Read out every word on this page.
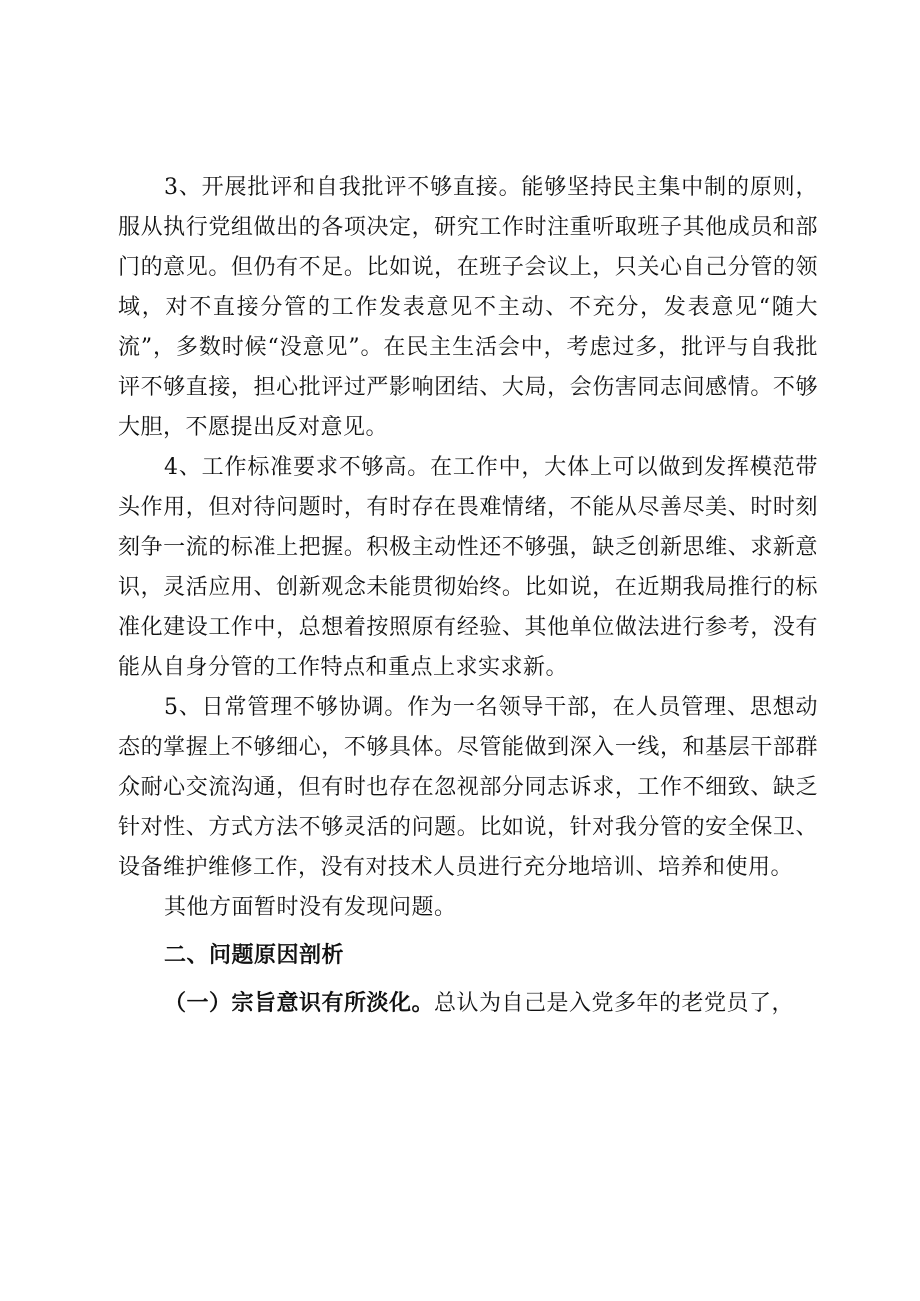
3、开展批评和自我批评不够直接。能够坚持民主集中制的原则，服从执行党组做出的各项决定，研究工作时注重听取班子其他成员和部门的意见。但仍有不足。比如说，在班子会议上，只关心自己分管的领域，对不直接分管的工作发表意见不主动、不充分，发表意见“随大流”，多数时候“没意见”。在民主生活会中，考虑过多，批评与自我批评不够直接，担心批评过严影响团结、大局，会伤害同志间感情。不够大胆，不愿提出反对意见。

4、工作标准要求不够高。在工作中，大体上可以做到发挥模范带头作用，但对待问题时，有时存在畏难情绪，不能从尽善尽美、时时刻刻争一流的标准上把握。积极主动性还不够强，缺乏创新思维、求新意识，灵活应用、创新观念未能贯彻始终。比如说，在近期我局推行的标准化建设工作中，总想着按照原有经验、其他单位做法进行参考，没有能从自身分管的工作特点和重点上求实求新。

5、日常管理不够协调。作为一名领导干部，在人员管理、思想动态的掌握上不够细心，不够具体。尽管能做到深入一线，和基层干部群众耐心交流沟通，但有时也存在忽视部分同志诉求，工作不细致、缺乏针对性、方式方法不够灵活的问题。比如说，针对我分管的安全保卫、设备维护维修工作，没有对技术人员进行充分地培训、培养和使用。

其他方面暂时没有发现问题。

二、问题原因剖析

（一）宗旨意识有所淡化。总认为自己是入党多年的老党员了，
